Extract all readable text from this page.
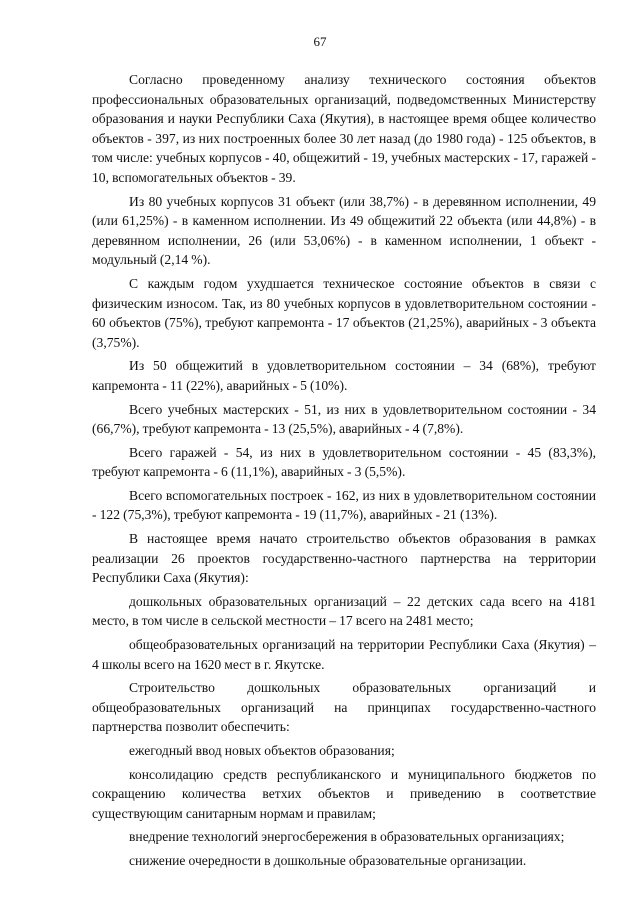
67

Согласно проведенному анализу технического состояния объектов профессиональных образовательных организаций, подведомственных Министерству образования и науки Республики Саха (Якутия), в настоящее время общее количество объектов - 397, из них построенных более 30 лет назад (до 1980 года) - 125 объектов, в том числе: учебных корпусов - 40, общежитий - 19, учебных мастерских - 17, гаражей - 10, вспомогательных объектов - 39.

Из 80 учебных корпусов 31 объект (или 38,7%) - в деревянном исполнении, 49 (или 61,25%) - в каменном исполнении. Из 49 общежитий 22 объекта (или 44,8%) - в деревянном исполнении, 26 (или 53,06%) - в каменном исполнении, 1 объект - модульный (2,14 %).

С каждым годом ухудшается техническое состояние объектов в связи с физическим износом. Так, из 80 учебных корпусов в удовлетворительном состоянии - 60 объектов (75%), требуют капремонта - 17 объектов (21,25%), аварийных - 3 объекта (3,75%).

Из 50 общежитий в удовлетворительном состоянии – 34 (68%), требуют капремонта - 11 (22%), аварийных - 5 (10%).

Всего учебных мастерских - 51, из них в удовлетворительном состоянии - 34 (66,7%), требуют капремонта - 13 (25,5%), аварийных - 4 (7,8%).

Всего гаражей - 54, из них в удовлетворительном состоянии - 45 (83,3%), требуют капремонта - 6 (11,1%), аварийных - 3 (5,5%).

Всего вспомогательных построек - 162, из них в удовлетворительном состоянии - 122 (75,3%), требуют капремонта - 19 (11,7%), аварийных - 21 (13%).

В настоящее время начато строительство объектов образования в рамках реализации 26 проектов государственно-частного партнерства на территории Республики Саха (Якутия):

дошкольных образовательных организаций – 22 детских сада всего на 4181 место, в том числе в сельской местности – 17 всего на 2481 место;

общеобразовательных организаций на территории Республики Саха (Якутия) – 4 школы всего на 1620 мест в г. Якутске.

Строительство дошкольных образовательных организаций и общеобразовательных организаций на принципах государственно-частного партнерства позволит обеспечить:

ежегодный ввод новых объектов образования;

консолидацию средств республиканского и муниципального бюджетов по сокращению количества ветхих объектов и приведению в соответствие существующим санитарным нормам и правилам;

внедрение технологий энергосбережения в образовательных организациях;

снижение очередности в дошкольные образовательные организации.
